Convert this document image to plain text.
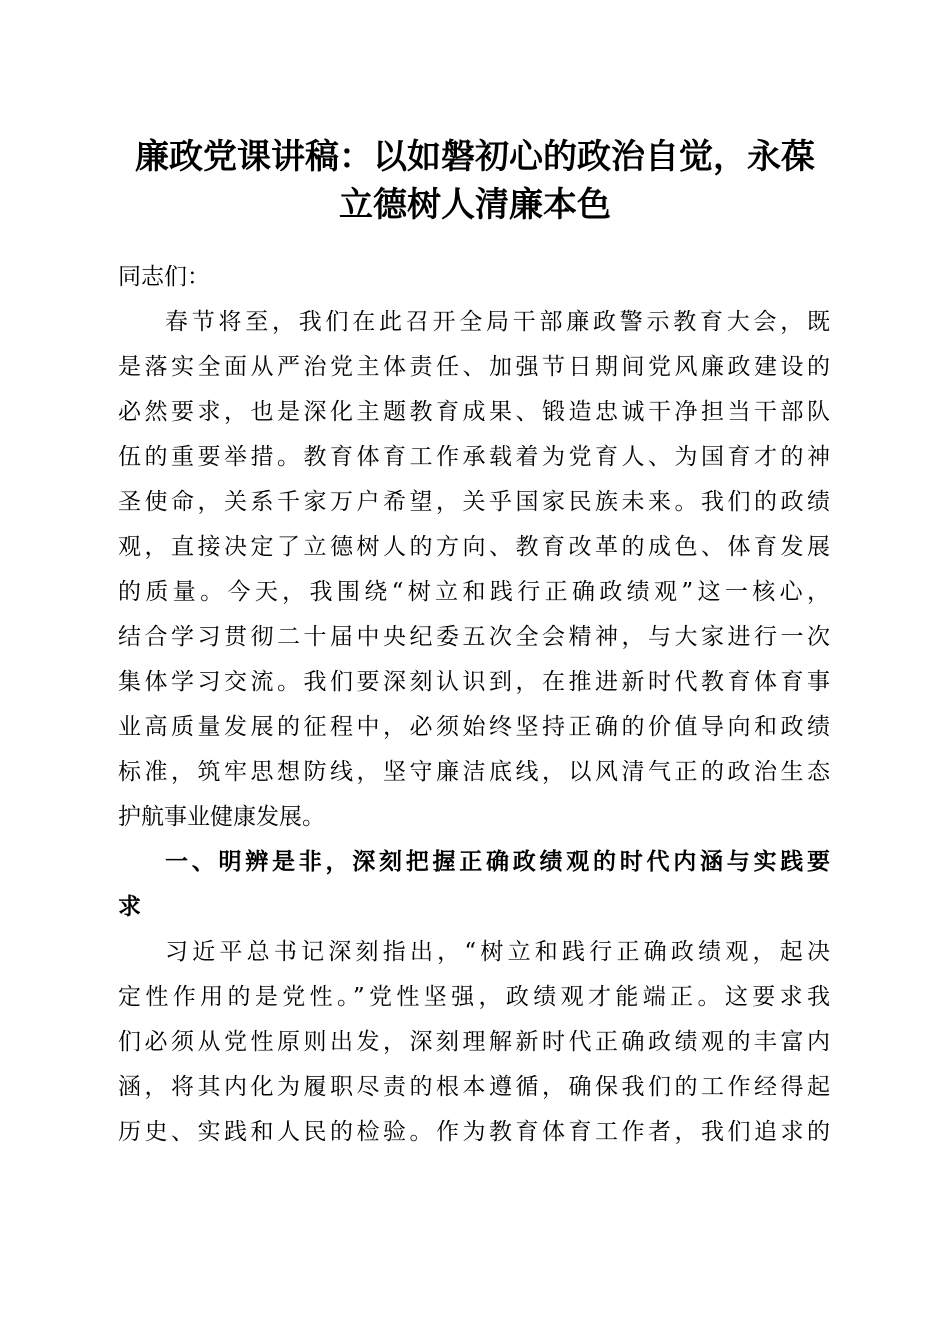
廉政党课讲稿：以如磐初心的政治自觉，永葆
立德树人清廉本色
同志们：
春节将至，我们在此召开全局干部廉政警示教育大会，既
是落实全面从严治党主体责任、加强节日期间党风廉政建设的
必然要求，也是深化主题教育成果、锻造忠诚干净担当干部队
伍的重要举措。教育体育工作承载着为党育人、为国育才的神
圣使命，关系千家万户希望，关乎国家民族未来。我们的政绩
观，直接决定了立德树人的方向、教育改革的成色、体育发展
的质量。今天，我围绕“树立和践行正确政绩观”这一核心，
结合学习贯彻二十届中央纪委五次全会精神，与大家进行一次
集体学习交流。我们要深刻认识到，在推进新时代教育体育事
业高质量发展的征程中，必须始终坚持正确的价值导向和政绩
标准，筑牢思想防线，坚守廉洁底线，以风清气正的政治生态
护航事业健康发展。
一、明辨是非，深刻把握正确政绩观的时代内涵与实践要
求
习近平总书记深刻指出，“树立和践行正确政绩观，起决
定性作用的是党性。”党性坚强，政绩观才能端正。这要求我
们必须从党性原则出发，深刻理解新时代正确政绩观的丰富内
涵，将其内化为履职尽责的根本遵循，确保我们的工作经得起
历史、实践和人民的检验。作为教育体育工作者，我们追求的
